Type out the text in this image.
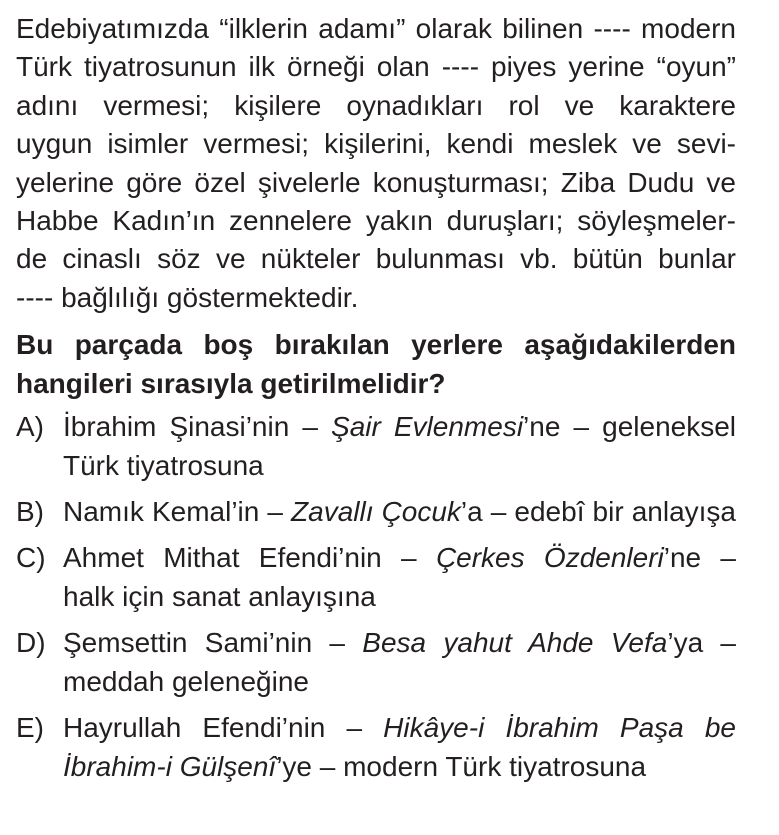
Edebiyatımızda “ilklerin adamı” olarak bilinen ---- modern
Türk tiyatrosunun ilk örneği olan ---- piyes yerine “oyun”
adını vermesi; kişilere oynadıkları rol ve karaktere
uygun isimler vermesi; kişilerini, kendi meslek ve sevi-
yelerine göre özel şivelerle konuşturması; Ziba Dudu ve
Habbe Kadın’ın zennelere yakın duruşları; söyleşmeler-
de cinaslı söz ve nükteler bulunması vb. bütün bunlar
---- bağlılığı göstermektedir.
Bu parçada boş bırakılan yerlere aşağıdakilerden
hangileri sırasıyla getirilmelidir?
A) İbrahim Şinasi’nin – Şair Evlenmesi’ne – geleneksel
Türk tiyatrosuna
B) Namık Kemal’in – Zavallı Çocuk’a – edebî bir anlayışa
C) Ahmet Mithat Efendi’nin – Çerkes Özdenleri’ne –
halk için sanat anlayışına
D) Şemsettin Sami’nin – Besa yahut Ahde Vefa’ya –
meddah geleneğine
E) Hayrullah Efendi’nin – Hikâye-i İbrahim Paşa be
İbrahim-i Gülşenî’ye – modern Türk tiyatrosuna
